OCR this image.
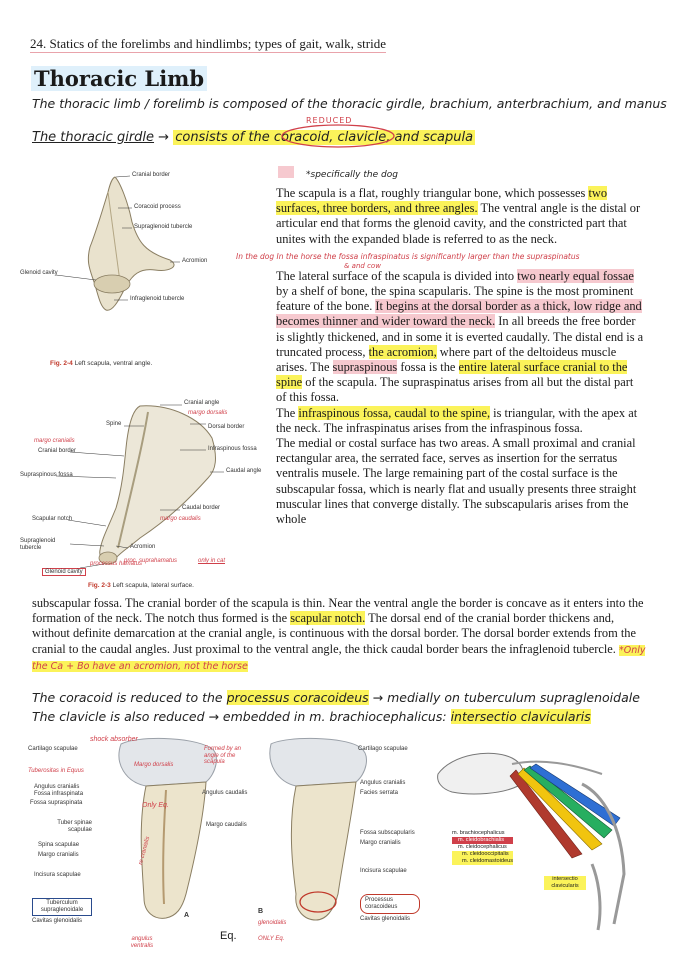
24. Statics of the forelimbs and hindlimbs; types of gait, walk, stride
Thoracic Limb
The thoracic limb / forelimb is composed of the thoracic girdle, brachium, anterbrachium, and manus
REDUCED
The thoracic girdle → consists of the coracoid, clavicle, and scapula
Cranial border
Coracoid process
Supraglenoid tubercle
Acromion
Glenoid cavity
Infraglenoid tubercle
Fig. 2-4 Left scapula, ventral angle.
Cranial angle
Dorsal border
Spine
Infraspinous fossa
Caudal angle
Cranial border
Supraspinous fossa
Caudal border
Scapular notch
Supraglenoid tubercle	Acromion
Glenoid cavity
margo dorsalis
margo cranialis
margo caudalis
proc. suprahamatus	only in cat
processus hamatus
Fig. 2-3 Left scapula, lateral surface.
*specifically the dog

The scapula is a flat, roughly triangular bone, which possesses two surfaces, three borders, and three angles. The ventral angle is the distal or articular end that forms the glenoid cavity, and the constricted part that unites with the expanded blade is referred to as the neck.

In the dog In the horse the fossa infraspinatus is significantly larger than the supraspinatus
& and cow

The lateral surface of the scapula is divided into two nearly equal fossae by a shelf of bone, the spina scapularis. The spine is the most prominent feature of the bone. It begins at the dorsal border as a thick, low ridge and becomes thinner and wider toward the neck. In all breeds the free border is slightly thickened, and in some it is everted caudally. The distal end is a truncated process, the acromion, where part of the deltoideus muscle arises. The supraspinous fossa is the entire lateral surface cranial to the spine of the scapula. The supraspinatus arises from all but the distal part of this fossa.

The infraspinous fossa, caudal to the spine, is triangular, with the apex at the neck. The infraspinatus arises from the infraspinous fossa.

The medial or costal surface has two areas. A small proximal and cranial rectangular area, the serrated face, serves as insertion for the serratus ventralis musele. The large remaining part of the costal surface is the subscapular fossa, which is nearly flat and usually presents three straight muscular lines that converge distally. The subscapularis arises from the whole

subscapular fossa. The cranial border of the scapula is thin. Near the ventral angle the border is concave as it enters into the formation of the neck. The notch thus formed is the scapular notch. The dorsal end of the cranial border thickens and, without definite demarcation at the cranial angle, is continuous with the dorsal border. The dorsal border extends from the cranial to the caudal angles. Just proximal to the ventral angle, the thick caudal border bears the infraglenoid tubercle. *Only the Ca + Bo have an acromion, not the horse

The coracoid is reduced to the processus coracoideus → medially on tuberculum supraglenoidale
The clavicle is also reduced → embedded in m. brachiocephalicus: intersectio clavicularis
Cartilago scapulae
Angulus cranialis
Fossa infraspinata
Fossa supraspinata
Tuber spinae scapulae
Spina scapulae
Margo cranialis
Incisura scapulae
Tuberculum supraglenoidale
Cavitas glenoidalis
Angulus caudalis
Margo caudalis
Cartilago scapulae
Angulus cranialis
Facies serrata
Fossa subscapularis
Margo cranialis
Incisura scapulae
Processus coracoideus
Cavitas glenoidalis
shock absorber
Tuberositas in Equus
Only Eq.
Margo dorsalis
Formed by an angle of the scapula
re cranialis
glenoidalis
ONLY Eq.
angulus ventralis
A
B
Eq.
m. brachiocephalicus
m. cleidobrachialis
m. cleidocephalicus
m. cleidooccipitalis
m. cleidomastoideus
intersectio clavicularis
